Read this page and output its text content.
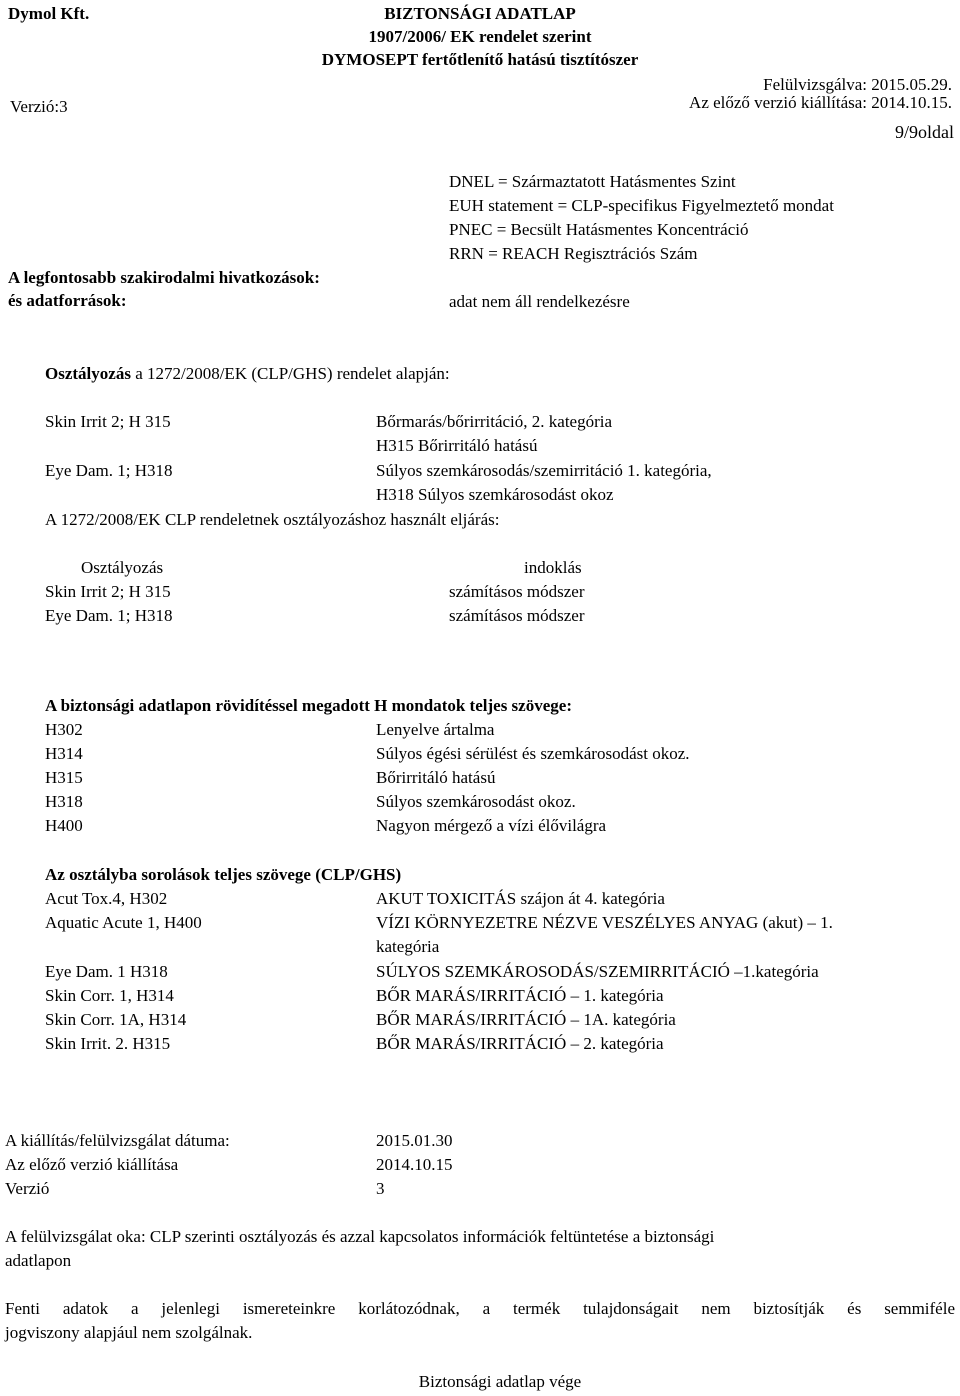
Dymol Kft.	BIZTONSÁGI ADATLAP
1907/2006/ EK rendelet szerint
DYMOSEPT fertőtlenítő hatású tisztítószer
Felülvizsgálva: 2015.05.29.
Verzió:3	Az előző verzió kiállítása: 2014.10.15.
9/9oldal
DNEL = Származtatott Hatásmentes Szint
EUH statement = CLP-specifikus Figyelmeztető mondat
PNEC = Becsült Hatásmentes Koncentráció
RRN = REACH Regisztrációs Szám
A legfontosabb szakirodalmi hivatkozások:
és adatforrások:	adat nem áll rendelkezésre
Osztályozás a 1272/2008/EK (CLP/GHS) rendelet alapján:
Skin Irrit 2; H 315	Bőrmarás/bőrirritáció, 2. kategória
H315 Bőrirritáló hatású
Eye Dam. 1; H318	Súlyos szemkárosodás/szemirritáció 1. kategória,
H318 Súlyos szemkárosodást okoz
A 1272/2008/EK CLP rendeletnek osztályozáshoz használt eljárás:
Osztályozás	indoklás
Skin Irrit 2; H 315	számításos módszer
Eye Dam. 1; H318	számításos módszer
A biztonsági adatlapon rövidítéssel megadott H mondatok teljes szövege:
H302	Lenyelve ártalma
H314	Súlyos égési sérülést és szemkárosodást okoz.
H315	Bőrirritáló hatású
H318	Súlyos szemkárosodást okoz.
H400	Nagyon mérgező a vízi élővilágra
Az osztályba sorolások teljes szövege (CLP/GHS)
Acut Tox.4, H302	AKUT TOXICITÁS szájon át 4. kategória
Aquatic Acute 1, H400	VÍZI KÖRNYEZETRE NÉZVE VESZÉLYES ANYAG (akut) – 1.
kategória
Eye Dam. 1 H318	SÚLYOS SZEMKÁROSODÁS/SZEMIRRITÁCIÓ –1.kategória
Skin Corr. 1, H314	BŐR MARÁS/IRRITÁCIÓ – 1. kategória
Skin Corr. 1A, H314	BŐR MARÁS/IRRITÁCIÓ – 1A. kategória
Skin Irrit. 2. H315	BŐR MARÁS/IRRITÁCIÓ – 2. kategória
A kiállítás/felülvizsgálat dátuma:	2015.01.30
Az előző verzió kiállítása	2014.10.15
Verzió	3
A felülvizsgálat oka: CLP szerinti osztályozás és azzal kapcsolatos információk feltüntetése a biztonsági
adatlapon
Fenti adatok a jelenlegi ismereteinkre korlátozódnak, a termék tulajdonságait nem biztosítják és semmiféle
jogviszony alapjául nem szolgálnak.
Biztonsági adatlap vége
